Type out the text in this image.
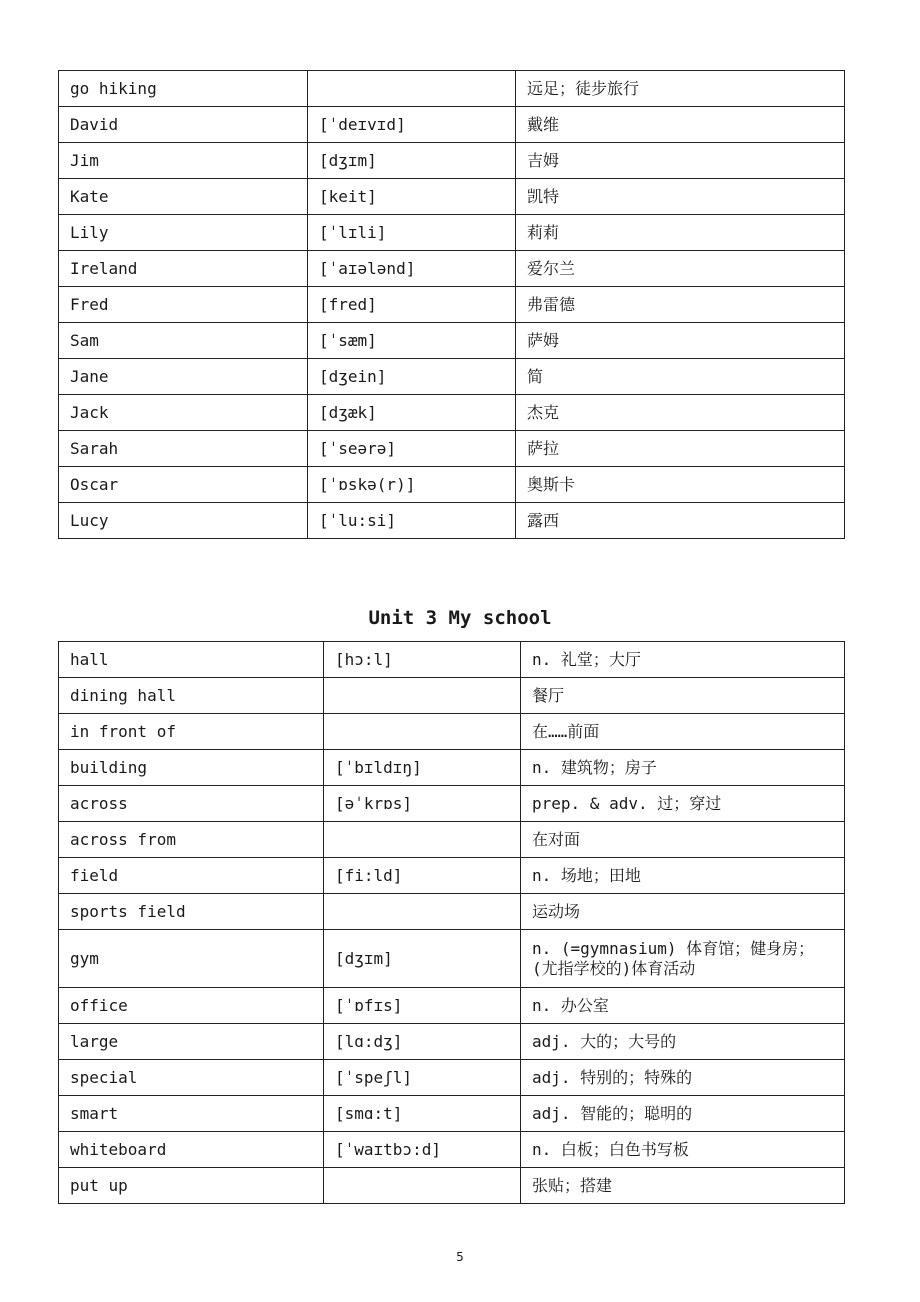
go hiking		远足；徒步旅行
David	[ˈdeɪvɪd]	戴维
Jim	[dʒɪm]	吉姆
Kate	[keit]	凯特
Lily	[ˈlɪli]	莉莉
Ireland	[ˈaɪələnd]	爱尔兰
Fred	[fred]	弗雷德
Sam	[ˈsæm]	萨姆
Jane	[dʒein]	简
Jack	[dʒæk]	杰克
Sarah	[ˈseərə]	萨拉
Oscar	[ˈɒskə(r)]	奥斯卡
Lucy	[ˈlu:si]	露西
Unit 3 My school
hall	[hɔ:l]	n. 礼堂；大厅
dining hall		餐厅
in front of		在……前面
building	[ˈbɪldɪŋ]	n. 建筑物；房子
across	[əˈkrɒs]	prep. & adv. 过；穿过
across from		在对面
field	[fi:ld]	n. 场地；田地
sports field		运动场
gym	[dʒɪm]	n. (=gymnasium) 体育馆；健身房；(尤指学校的)体育活动
office	[ˈɒfɪs]	n. 办公室
large	[lɑ:dʒ]	adj. 大的；大号的
special	[ˈspeʃl]	adj. 特别的；特殊的
smart	[smɑ:t]	adj. 智能的；聪明的
whiteboard	[ˈwaɪtbɔ:d]	n. 白板；白色书写板
put up		张贴；搭建
5
